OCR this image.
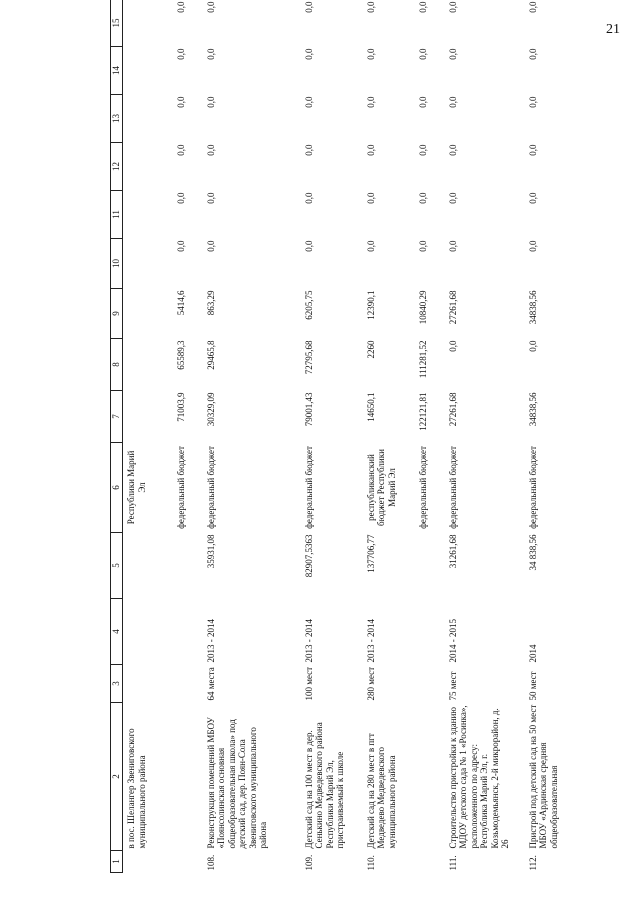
21
1	2	3	4	5	6	7	8	9	10	11	12	13	14	15
	в пос. Шелангер Звениговского муниципального района				Республики Марий Эл									
					федеральный бюджет	71003,9	65589,3	5414,6	0,0	0,0	0,0	0,0	0,0	0,0
108.	Реконструкция помещений МБОУ «Поянсолинская основная общеобразовательная школа» под детский сад, дер. Поян-Сола Звениговского муниципального района	64 места	2013 - 2014	35931,08	федеральный бюджет	30329,09	29465,8	863,29	0,0	0,0	0,0	0,0	0,0	0,0
109.	Детский сад на 100 мест в дер. Сенькино Медведевского района Республики Марий Эл, пристраиваемый к школе	100 мест	2013 - 2014	82907,5363	федеральный бюджет	79001,43	72795,68	6205,75	0,0	0,0	0,0	0,0	0,0	0,0
110.	Детский сад на 280 мест в пгт Медведево Медведевского муниципального района	280 мест	2013 - 2014	137706,77	республиканский бюджет Республики Марий Эл	14650,1	2260	12390,1	0,0	0,0	0,0	0,0	0,0	0,0
					федеральный бюджет	122121,81	111281,52	10840,29	0,0	0,0	0,0	0,0	0,0	0,0
111.	Строительство пристройки к зданию МДОУ детского сада № 1 «Росинка», расположенного по адресу: Республика Марий Эл, г. Козьмодемьянск, 2-й микрорайон, д. 26	75 мест	2014 - 2015	31261,68	федеральный бюджет	27261,68	0,0	27261,68	0,0	0,0	0,0	0,0	0,0	0,0
112.	Пристрой под детский сад на 50 мест МБОУ «Ардинская средняя общеобразовательная	50 мест	2014	34 838,56	федеральный бюджет	34838,56	0,0	34838,56	0,0	0,0	0,0	0,0	0,0	0,0
